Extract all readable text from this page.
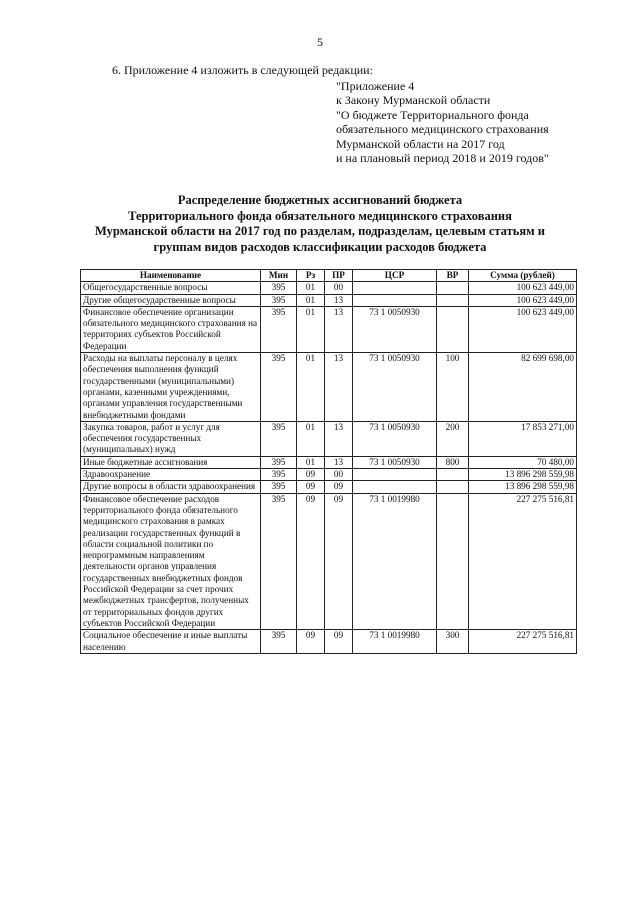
5
6. Приложение 4 изложить в следующей редакции:
"Приложение 4
к Закону Мурманской области
"О бюджете Территориального фонда
обязательного медицинского страхования
Мурманской области на 2017 год
и на плановый период 2018 и 2019 годов"
Распределение бюджетных ассигнований бюджета
Территориального фонда обязательного медицинского страхования
Мурманской области на 2017 год по разделам, подразделам, целевым статьям и
группам видов расходов классификации расходов бюджета
Наименование	Мин	Рз	ПР	ЦСР	ВР	Сумма (рублей)
Общегосударственные вопросы	395	01	00			100 623 449,00
Другие общегосударственные вопросы	395	01	13			100 623 449,00
Финансовое обеспечение организации обязательного медицинского страхования на территориях субъектов Российской Федерации	395	01	13	73 1 0050930		100 623 449,00
Расходы на выплаты персоналу в целях обеспечения выполнения функций государственными (муниципальными) органами, казенными учреждениями, органами управления государственными внебюджетными фондами	395	01	13	73 1 0050930	100	82 699 698,00
Закупка товаров, работ и услуг для обеспечения государственных (муниципальных) нужд	395	01	13	73 1 0050930	200	17 853 271,00
Иные бюджетные ассигнования	395	01	13	73 1 0050930	800	70 480,00
Здравоохранение	395	09	00			13 896 298 559,98
Другие вопросы в области здравоохранения	395	09	09			13 896 298 559,98
Финансовое обеспечение расходов территориального фонда обязательного медицинского страхования в рамках реализации государственных функций в области социальной политики по непрограммным направлениям деятельности органов управления государственных внебюджетных фондов Российской Федерации за счет прочих межбюджетных трансфертов, полученных от территориальных фондов других субъектов Российской Федерации	395	09	09	73 1 0019980		227 275 516,81
Социальное обеспечение и иные выплаты населению	395	09	09	73 1 0019980	300	227 275 516,81
